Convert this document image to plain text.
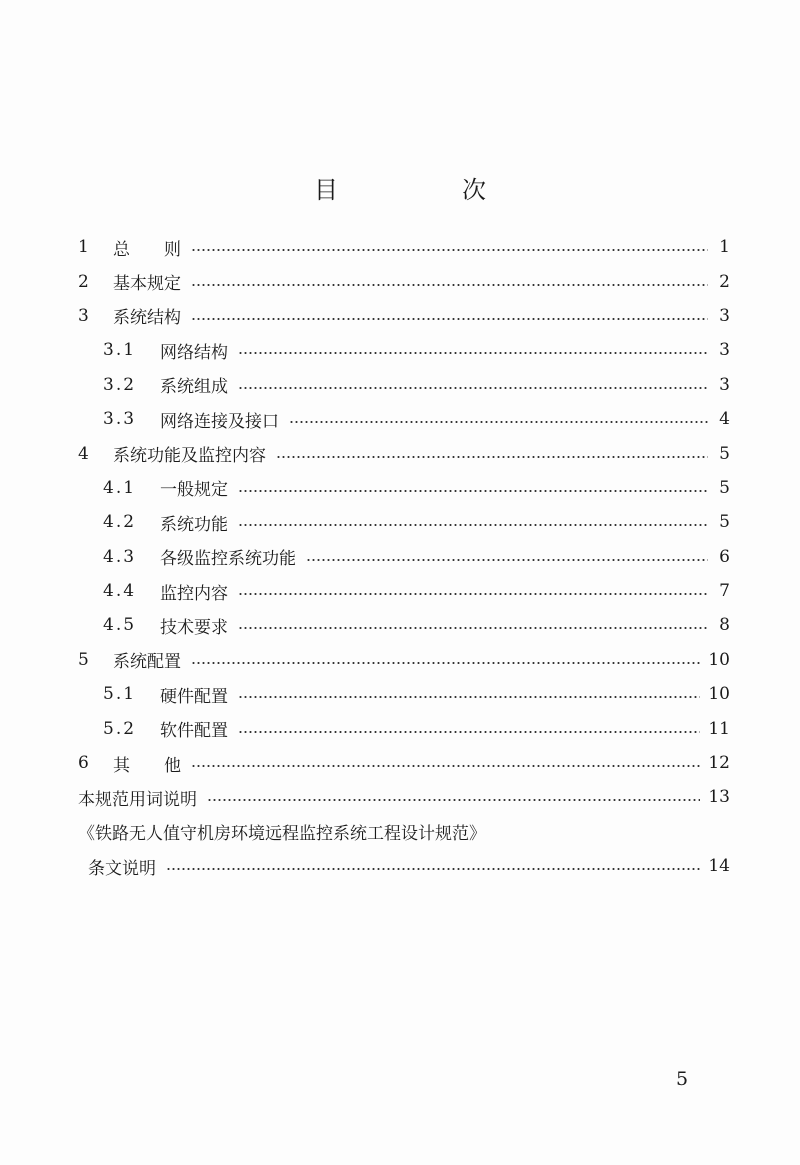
目　次
1	总　　则	1
2	基本规定	2
3	系统结构	3
3.1	网络结构	3
3.2	系统组成	3
3.3	网络连接及接口	4
4	系统功能及监控内容	5
4.1	一般规定	5
4.2	系统功能	5
4.3	各级监控系统功能	6
4.4	监控内容	7
4.5	技术要求	8
5	系统配置	10
5.1	硬件配置	10
5.2	软件配置	11
6	其　　他	12
本规范用词说明	13
《铁路无人值守机房环境远程监控系统工程设计规范》
条文说明	14
5
